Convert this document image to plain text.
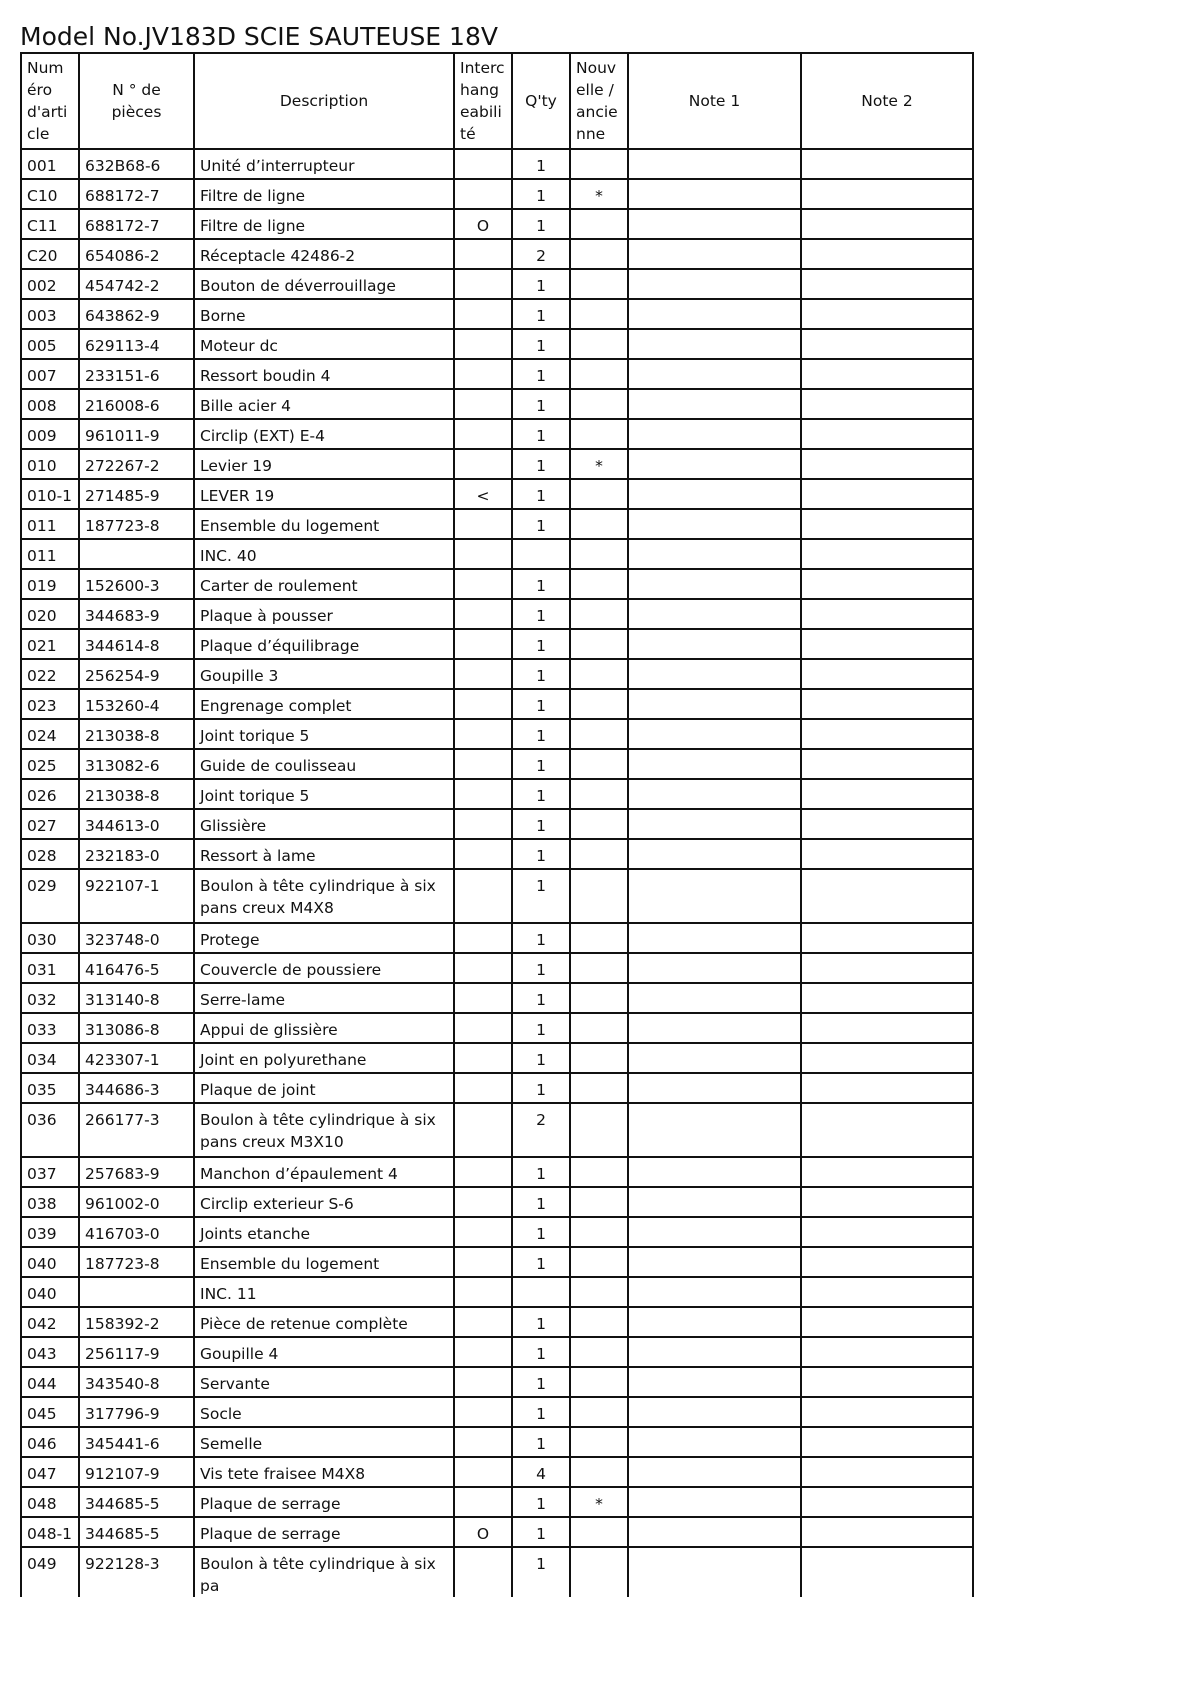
Model No.JV183D SCIE SAUTEUSE 18V
Numéro d'article	N ° de pièces	Description	Interchangeabilité	Q'ty	Nouvelle / ancienne	Note 1	Note 2
001	632B68-6	Unité d’interrupteur		1			
C10	688172-7	Filtre de ligne		1	*		
C11	688172-7	Filtre de ligne	O	1			
C20	654086-2	Réceptacle 42486-2		2			
002	454742-2	Bouton de déverrouillage		1			
003	643862-9	Borne		1			
005	629113-4	Moteur dc		1			
007	233151-6	Ressort boudin 4		1			
008	216008-6	Bille acier 4		1			
009	961011-9	Circlip (EXT) E-4		1			
010	272267-2	Levier 19		1	*		
010-1	271485-9	LEVER 19	<	1			
011	187723-8	Ensemble du logement		1			
011		INC. 40					
019	152600-3	Carter de roulement		1			
020	344683-9	Plaque à pousser		1			
021	344614-8	Plaque d’équilibrage		1			
022	256254-9	Goupille 3		1			
023	153260-4	Engrenage complet		1			
024	213038-8	Joint torique 5		1			
025	313082-6	Guide de coulisseau		1			
026	213038-8	Joint torique 5		1			
027	344613-0	Glissière		1			
028	232183-0	Ressort à lame		1			
029	922107-1	Boulon à tête cylindrique à six pans creux M4X8		1			
030	323748-0	Protege		1			
031	416476-5	Couvercle de poussiere		1			
032	313140-8	Serre-lame		1			
033	313086-8	Appui de glissière		1			
034	423307-1	Joint en polyurethane		1			
035	344686-3	Plaque de joint		1			
036	266177-3	Boulon à tête cylindrique à six pans creux M3X10		2			
037	257683-9	Manchon d’épaulement 4		1			
038	961002-0	Circlip exterieur S-6		1			
039	416703-0	Joints etanche		1			
040	187723-8	Ensemble du logement		1			
040		INC. 11					
042	158392-2	Pièce de retenue complète		1			
043	256117-9	Goupille 4		1			
044	343540-8	Servante		1			
045	317796-9	Socle		1			
046	345441-6	Semelle		1			
047	912107-9	Vis tete fraisee M4X8		4			
048	344685-5	Plaque de serrage		1	*		
048-1	344685-5	Plaque de serrage	O	1			
049	922128-3	Boulon à tête cylindrique à six pa		1			
